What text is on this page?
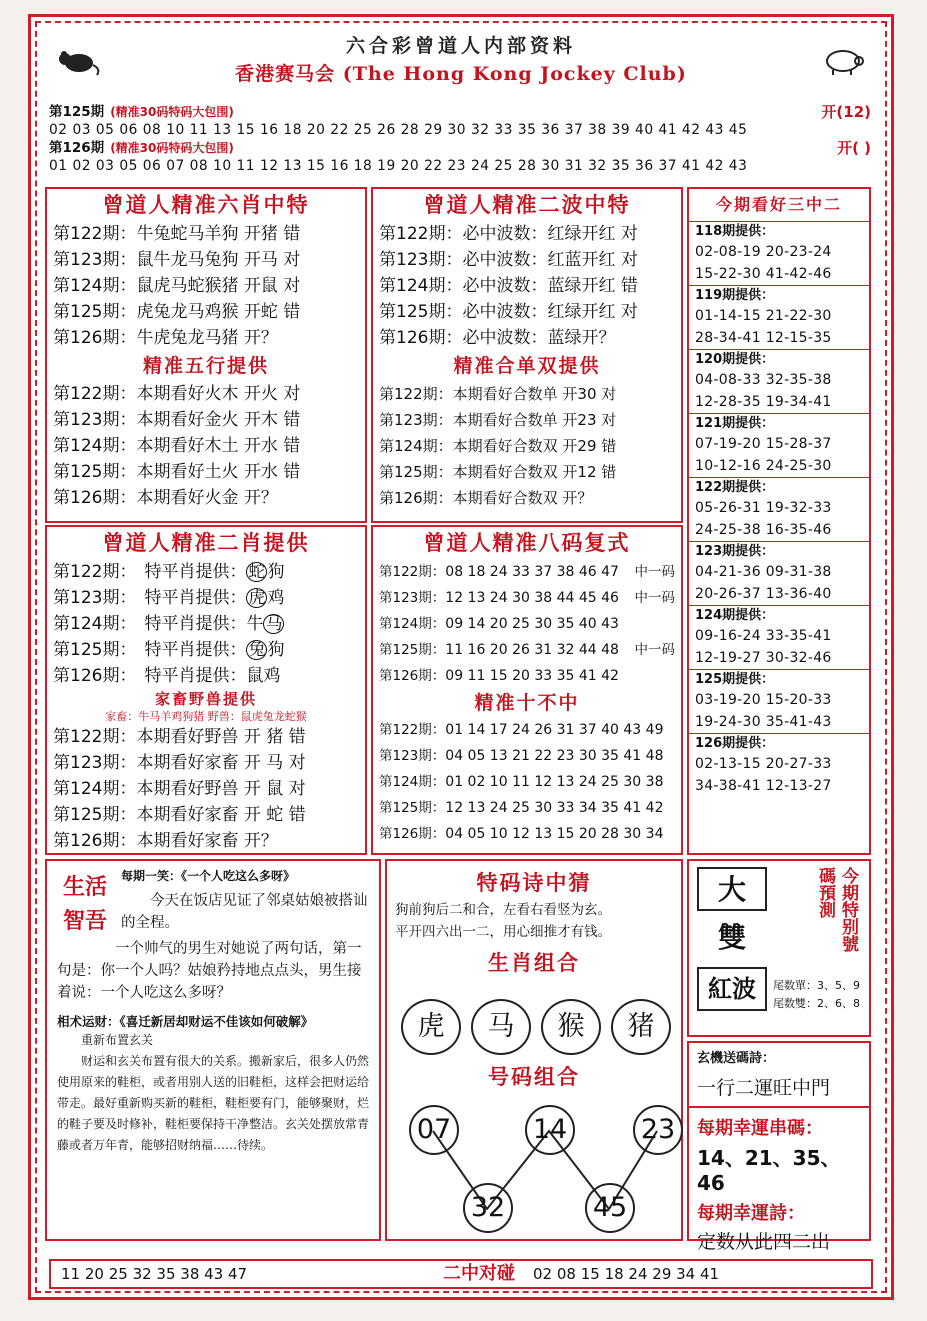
六合彩曾道人内部资料
香港赛马会 (The Hong Kong Jockey Club)
第125期 (精准30码特码大包围)	开(12)
02 03 05 06 08 10 11 13 15 16 18 20 22 25 26 28 29 30 32 33 35 36 37 38 39 40 41 42 43 45
第126期 (精准30码特码大包围)	开( )
01 02 03 05 06 07 08 10 11 12 13 15 16 18 19 20 22 23 24 25 28 30 31 32 35 36 37 41 42 43
曾道人精准六肖中特
第122期：牛兔蛇马羊狗 开猪 错
第123期：鼠牛龙马兔狗 开马 对
第124期：鼠虎马蛇猴猪 开鼠 对
第125期：虎兔龙马鸡猴 开蛇 错
第126期：牛虎兔龙马猪 开？
精准五行提供
第122期：本期看好火木 开火 对
第123期：本期看好金火 开木 错
第124期：本期看好木土 开水 错
第125期：本期看好土火 开水 错
第126期：本期看好火金 开？
曾道人精准二波中特
第122期：必中波数：红绿开红 对
第123期：必中波数：红蓝开红 对
第124期：必中波数：蓝绿开红 错
第125期：必中波数：红绿开红 对
第126期：必中波数：蓝绿开？
精准合单双提供
第122期：本期看好合数单 开30 对
第123期：本期看好合数单 开23 对
第124期：本期看好合数双 开29 错
第125期：本期看好合数双 开12 错
第126期：本期看好合数双 开？
今期看好三中二
118期提供：
02-08-19 20-23-24
15-22-30 41-42-46
119期提供：
01-14-15 21-22-30
28-34-41 12-15-35
120期提供：
04-08-33 32-35-38
12-28-35 19-34-41
121期提供：
07-19-20 15-28-37
10-12-16 24-25-30
122期提供：
05-26-31 19-32-33
24-25-38 16-35-46
123期提供：
04-21-36 09-31-38
20-26-37 13-36-40
124期提供：
09-16-24 33-35-41
12-19-27 30-32-46
125期提供：
03-19-20 15-20-33
19-24-30 35-41-43
126期提供：
02-13-15 20-27-33
34-38-41 12-13-27
曾道人精准二肖提供
第122期： 特平肖提供： 蛇 狗
第123期： 特平肖提供： 虎 鸡
第124期： 特平肖提供：牛 马
第125期： 特平肖提供： 兔 狗
第126期： 特平肖提供：鼠鸡
家畜野兽提供
家畜：牛马羊鸡狗猪 野兽：鼠虎兔龙蛇猴
第122期：本期看好野兽 开 猪 错
第123期：本期看好家畜 开 马 对
第124期：本期看好野兽 开 鼠 对
第125期：本期看好家畜 开 蛇 错
第126期：本期看好家畜 开？
曾道人精准八码复式
第122期：08 18 24 33 37 38 46 47 中一码
第123期：12 13 24 30 38 44 45 46 中一码
第124期：09 14 20 25 30 35 40 43
第125期：11 16 20 26 31 32 44 48 中一码
第126期：09 11 15 20 33 35 41 42
精准十不中
第122期：01 14 17 24 26 31 37 40 43 49
第123期：04 05 13 21 22 23 30 35 41 48
第124期：01 02 10 11 12 13 24 25 30 38
第125期：12 13 24 25 30 33 34 35 41 42
第126期：04 05 10 12 13 15 20 28 30 34
生活智吾
每期一笑：《一个人吃这么多呀》
今天在饭店见证了邻桌姑娘被搭讪的全程。
一个帅气的男生对她说了两句话，第一句是：你一个人吗？姑娘矜持地点点头，男生接着说：一个人吃这么多呀？
相术运财：《喜迁新居却财运不佳该如何破解》
重新布置玄关
财运和玄关布置有很大的关系。搬新家后，很多人仍然使用原来的鞋柜，或者用别人送的旧鞋柜，这样会把财运给带走。最好重新购买新的鞋柜，鞋柜要有门，能够聚财，烂的鞋子要及时修补，鞋柜要保持干净整洁。玄关处摆放常青藤或者万年青，能够招财纳福……待续。
特码诗中猜
狗前狗后二和合，左看右看竖为玄。
平开四六出一二，用心细推才有钱。
生肖组合
虎	马	猴	猪
号码组合
07	14	23
32	45
大
雙
紅波
今期特别號碼預測
尾数單：3、5、9
尾数雙：2、6、8
玄機送碼詩：
一行二運旺中門
每期幸運串碼：
14、21、35、46
每期幸運詩：
定数从此四二出
11 20 25 32 35 38 43 47	二中对碰 02 08 15 18 24 29 34 41
